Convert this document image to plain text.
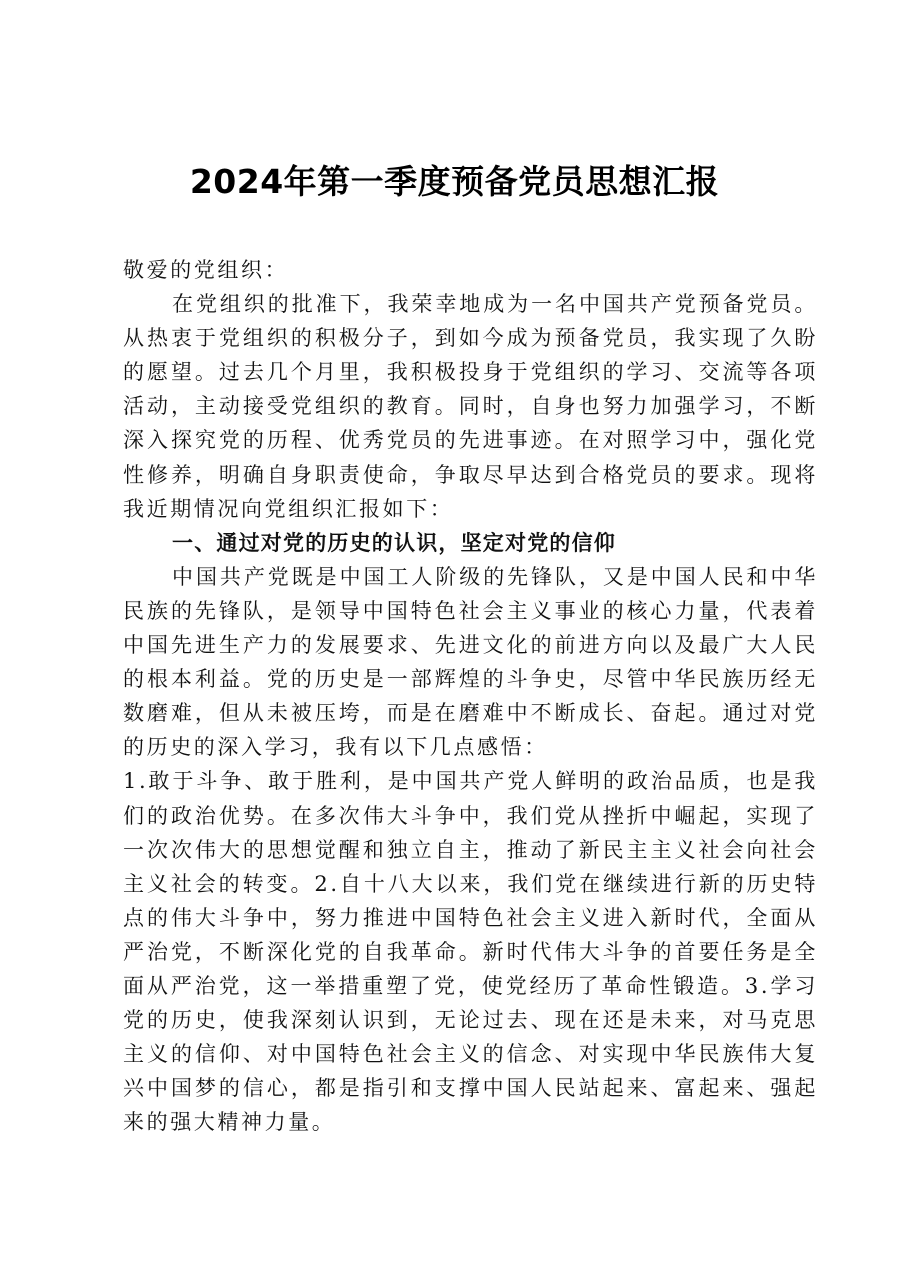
2024年第一季度预备党员思想汇报

敬爱的党组织：

在党组织的批准下，我荣幸地成为一名中国共产党预备党员。从热衷于党组织的积极分子，到如今成为预备党员，我实现了久盼的愿望。过去几个月里，我积极投身于党组织的学习、交流等各项活动，主动接受党组织的教育。同时，自身也努力加强学习，不断深入探究党的历程、优秀党员的先进事迹。在对照学习中，强化党性修养，明确自身职责使命，争取尽早达到合格党员的要求。现将我近期情况向党组织汇报如下：

一、通过对党的历史的认识，坚定对党的信仰

中国共产党既是中国工人阶级的先锋队，又是中国人民和中华民族的先锋队，是领导中国特色社会主义事业的核心力量，代表着中国先进生产力的发展要求、先进文化的前进方向以及最广大人民的根本利益。党的历史是一部辉煌的斗争史，尽管中华民族历经无数磨难，但从未被压垮，而是在磨难中不断成长、奋起。通过对党的历史的深入学习，我有以下几点感悟：

1.敢于斗争、敢于胜利，是中国共产党人鲜明的政治品质，也是我们的政治优势。在多次伟大斗争中，我们党从挫折中崛起，实现了一次次伟大的思想觉醒和独立自主，推动了新民主主义社会向社会主义社会的转变。2.自十八大以来，我们党在继续进行新的历史特点的伟大斗争中，努力推进中国特色社会主义进入新时代，全面从严治党，不断深化党的自我革命。新时代伟大斗争的首要任务是全面从严治党，这一举措重塑了党，使党经历了革命性锻造。3.学习党的历史，使我深刻认识到，无论过去、现在还是未来，对马克思主义的信仰、对中国特色社会主义的信念、对实现中华民族伟大复兴中国梦的信心，都是指引和支撑中国人民站起来、富起来、强起来的强大精神力量。
